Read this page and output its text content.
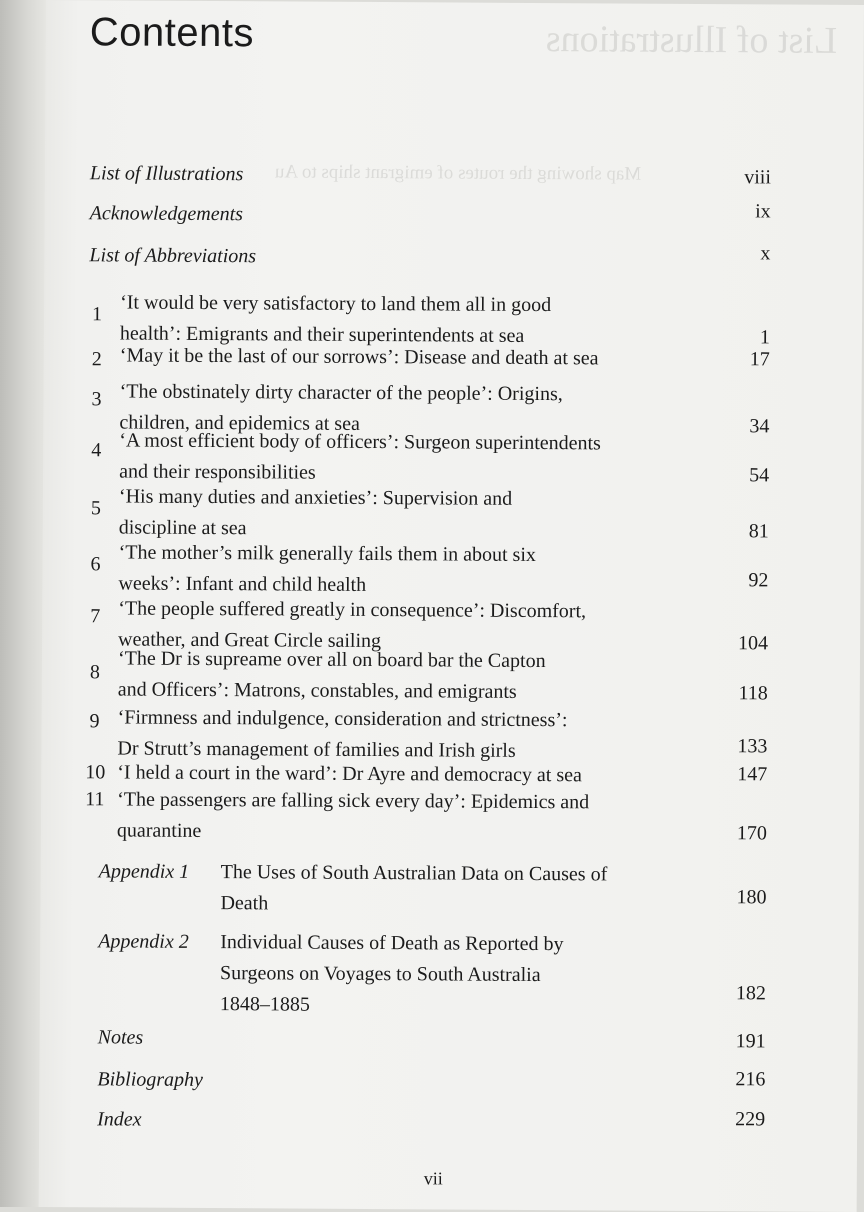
List of Illustrations
Map showing the routes of emigrant ships to Au
Contents
List of Illustrations	viii
Acknowledgements	ix
List of Abbreviations	x
1 ‘It would be very satisfactory to land them all in good
health’: Emigrants and their superintendents at sea	1
2 ‘May it be the last of our sorrows’: Disease and death at sea	17
3 ‘The obstinately dirty character of the people’: Origins,
children, and epidemics at sea	34
4 ‘A most efficient body of officers’: Surgeon superintendents
and their responsibilities	54
5 ‘His many duties and anxieties’: Supervision and
discipline at sea	81
6 ‘The mother’s milk generally fails them in about six
weeks’: Infant and child health	92
7 ‘The people suffered greatly in consequence’: Discomfort,
weather, and Great Circle sailing	104
8
‘The Dr is supreame over all on board bar the Capton
and Officers’: Matrons, constables, and emigrants	118
9 ‘Firmness and indulgence, consideration and strictness’:
Dr Strutt’s management of families and Irish girls	133
10 ‘I held a court in the ward’: Dr Ayre and democracy at sea	147
11 ‘The passengers are falling sick every day’: Epidemics and
quarantine	170
Appendix 1 The Uses of South Australian Data on Causes of
Death	180
Appendix 2 Individual Causes of Death as Reported by
Surgeons on Voyages to South Australia
1848–1885	182
Notes	191
Bibliography	216
Index	229
vii
